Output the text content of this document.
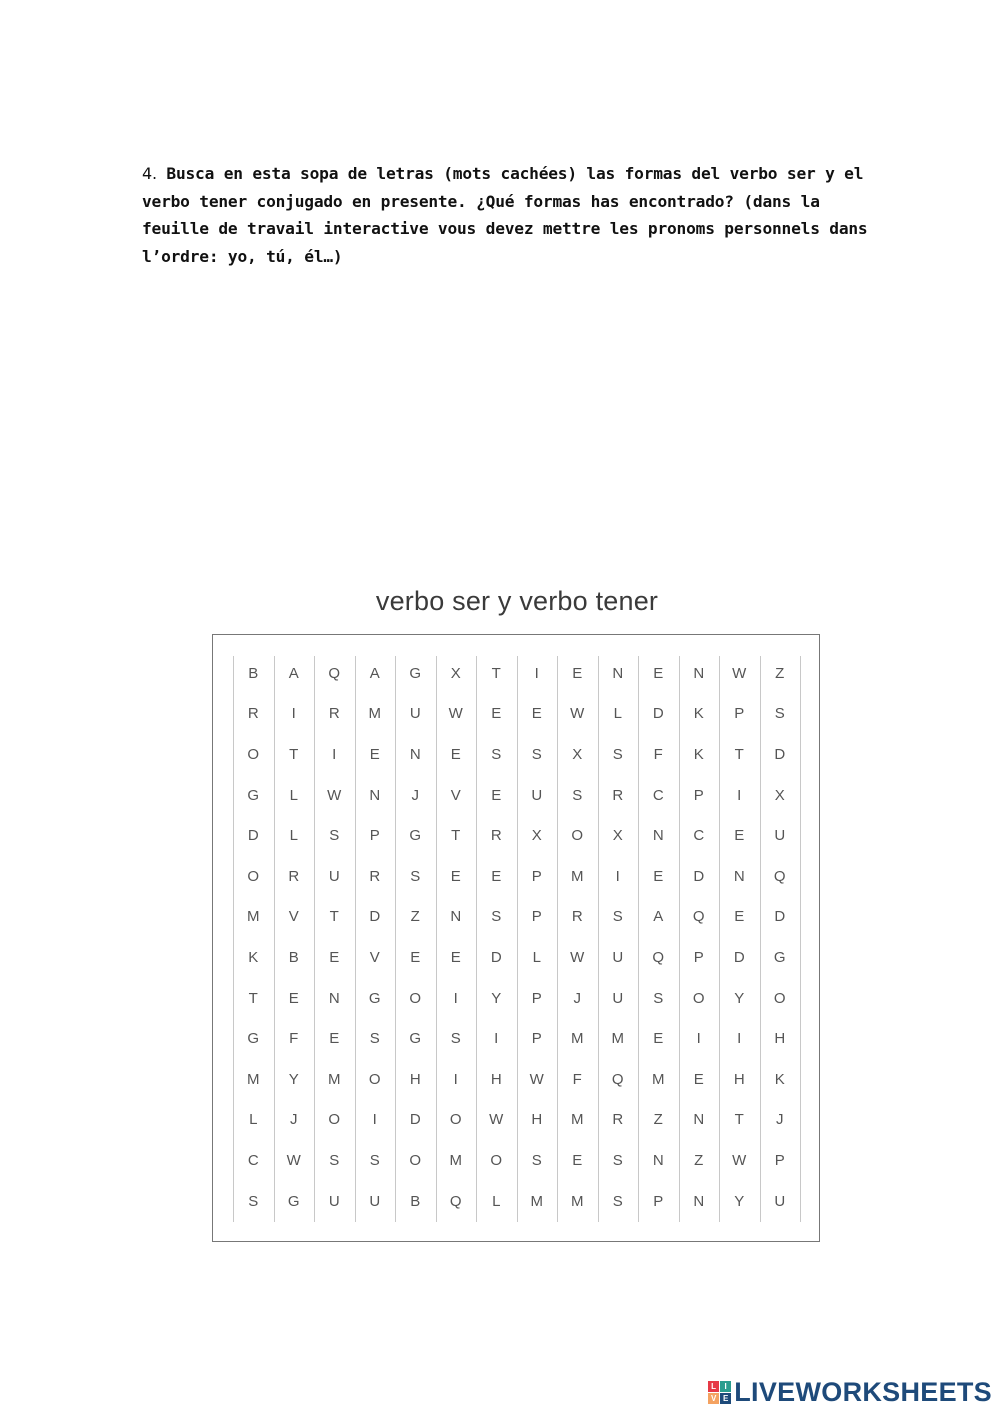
4. Busca en esta sopa de letras (mots cachées) las formas del verbo ser y el verbo tener conjugado en presente. ¿Qué formas has encontrado? (dans la feuille de travail interactive vous devez mettre les pronoms personnels dans l’ordre: yo, tú, él…)
verbo ser y verbo tener
B	A	Q	A	G	X	T	I	E	N	E	N	W	Z
R	I	R	M	U	W	E	E	W	L	D	K	P	S
O	T	I	E	N	E	S	S	X	S	F	K	T	D
G	L	W	N	J	V	E	U	S	R	C	P	I	X
D	L	S	P	G	T	R	X	O	X	N	C	E	U
O	R	U	R	S	E	E	P	M	I	E	D	N	Q
M	V	T	D	Z	N	S	P	R	S	A	Q	E	D
K	B	E	V	E	E	D	L	W	U	Q	P	D	G
T	E	N	G	O	I	Y	P	J	U	S	O	Y	O
G	F	E	S	G	S	I	P	M	M	E	I	I	H
M	Y	M	O	H	I	H	W	F	Q	M	E	H	K
L	J	O	I	D	O	W	H	M	R	Z	N	T	J
C	W	S	S	O	M	O	S	E	S	N	Z	W	P
S	G	U	U	B	Q	L	M	M	S	P	N	Y	U
L	I
V E LIVEWORKSHEETS
